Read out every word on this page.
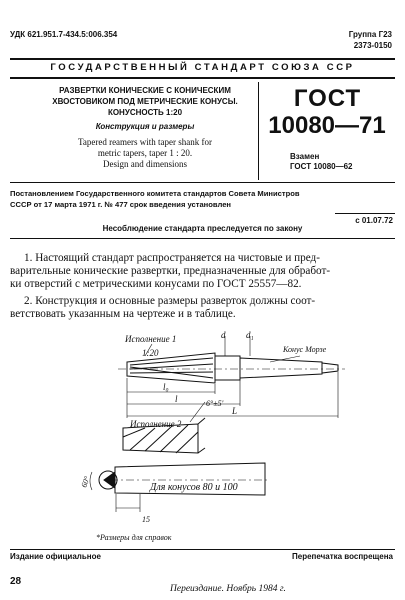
УДК 621.951.7-434.5:006.354	Группа Г23
2373-0150
ГОСУДАРСТВЕННЫЙ СТАНДАРТ СОЮЗА ССР
РАЗВЕРТКИ КОНИЧЕСКИЕ С КОНИЧЕСКИМ
ХВОСТОВИКОМ ПОД МЕТРИЧЕСКИЕ КОНУСЫ.
КОНУСНОСТЬ 1:20
Конструкция и размеры
Tapered reamers with taper shank for
metric tapers, taper 1 : 20.
Design and dimensions
ГОСТ
10080—71
Взамен
ГОСТ 10080—62
Постановлением Государственного комитета стандартов Совета Министров
СССР от 17 марта 1971 г. № 477 срок введения установлен
с 01.07.72
Несоблюдение стандарта преследуется по закону
1. Настоящий стандарт распространяется на чистовые и пред-
варительные конические развертки, предназначенные для обработ-
ки отверстий с метрическими конусами по ГОСТ 25557—82.
2. Конструкция и основные размеры разверток должны соот-
ветствовать указанным на чертеже и в таблице.
Исполнение 1
1:20	Конус Морзе
l₀
l
L
d d₁
Исполнение 2
6°±5'
Для конусов 80 и 100
60°
15
*Размеры для справок
Издание официальное	Перепечатка воспрещена
28
Переиздание. Ноябрь 1984 г.
